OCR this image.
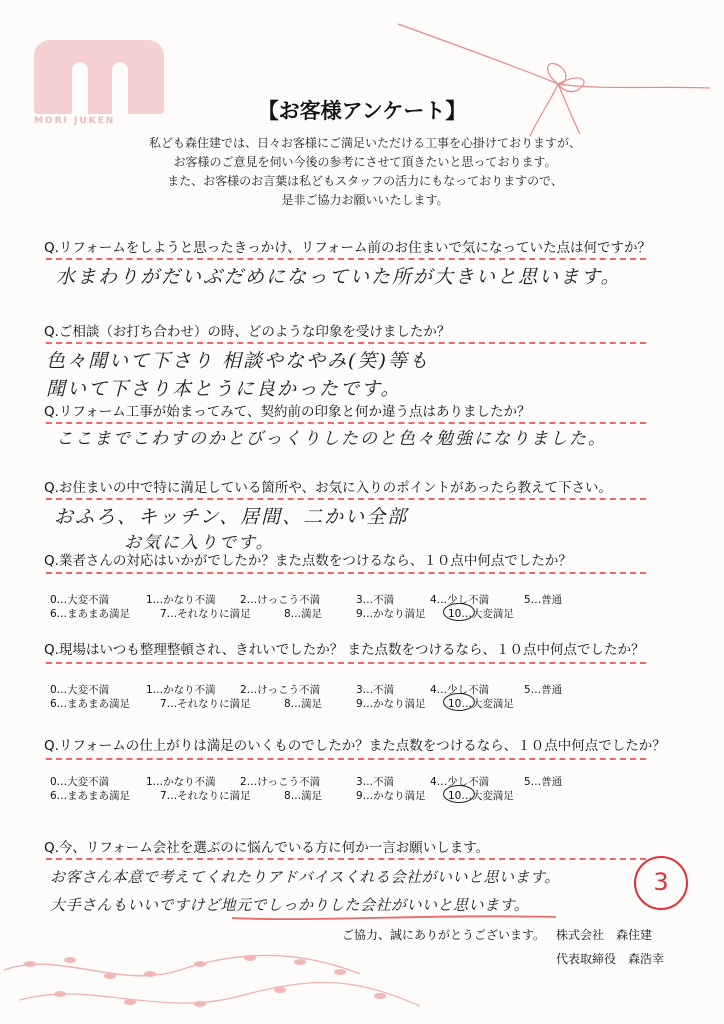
MORI JUKEN	【お客様アンケート】
私ども森住建では、日々お客様にご満足いただける工事を心掛けておりますが、
お客様のご意見を伺い今後の参考にさせて頂きたいと思っております。
また、お客様のお言葉は私どもスタッフの活力にもなっておりますので、
是非ご協力お願いいたします。
Q.リフォームをしようと思ったきっかけ、リフォーム前のお住まいで気になっていた点は何ですか？
水まわりがだいぶだめになっていた所が大きいと思います。
Q.ご相談（お打ち合わせ）の時、どのような印象を受けましたか？
色々聞いて下さり 相談やなやみ(笑)等も
聞いて下さり本とうに良かったです。
Q.リフォーム工事が始まってみて、契約前の印象と何か違う点はありましたか？
ここまでこわすのかとびっくりしたのと色々勉強になりました。
Q.お住まいの中で特に満足している箇所や、お気に入りのポイントがあったら教えて下さい。
おふろ、キッチン、居間、二かい全部
お気に入りです。
Q.業者さんの対応はいかがでしたか？また点数をつけるなら、１０点中何点でしたか？
0…大変不満	1…かなり不満 2…けっこう不満	3…不満	4…少し不満	5…普通
6…まあまあ満足	7…それなりに満足	8…満足	9…かなり満足 10…大変満足
Q.現場はいつも整理整頓され、きれいでしたか？ また点数をつけるなら、１０点中何点でしたか？
0…大変不満	1…かなり不満 2…けっこう不満	3…不満	4…少し不満	5…普通
6…まあまあ満足	7…それなりに満足	8…満足	9…かなり満足 10…大変満足
Q.リフォームの仕上がりは満足のいくものでしたか？また点数をつけるなら、１０点中何点でしたか？
0…大変不満	1…かなり不満 2…けっこう不満	3…不満	4…少し不満	5…普通
6…まあまあ満足	7…それなりに満足	8…満足	9…かなり満足 10…大変満足
Q.今、リフォーム会社を選ぶのに悩んでいる方に何か一言お願いします。
お客さん本意で考えてくれたりアドバイスくれる会社がいいと思います。
大手さんもいいですけど地元でしっかりした会社がいいと思います。
3
ご協力、誠にありがとうございます。 株式会社　森住建
代表取締役　森浩幸
